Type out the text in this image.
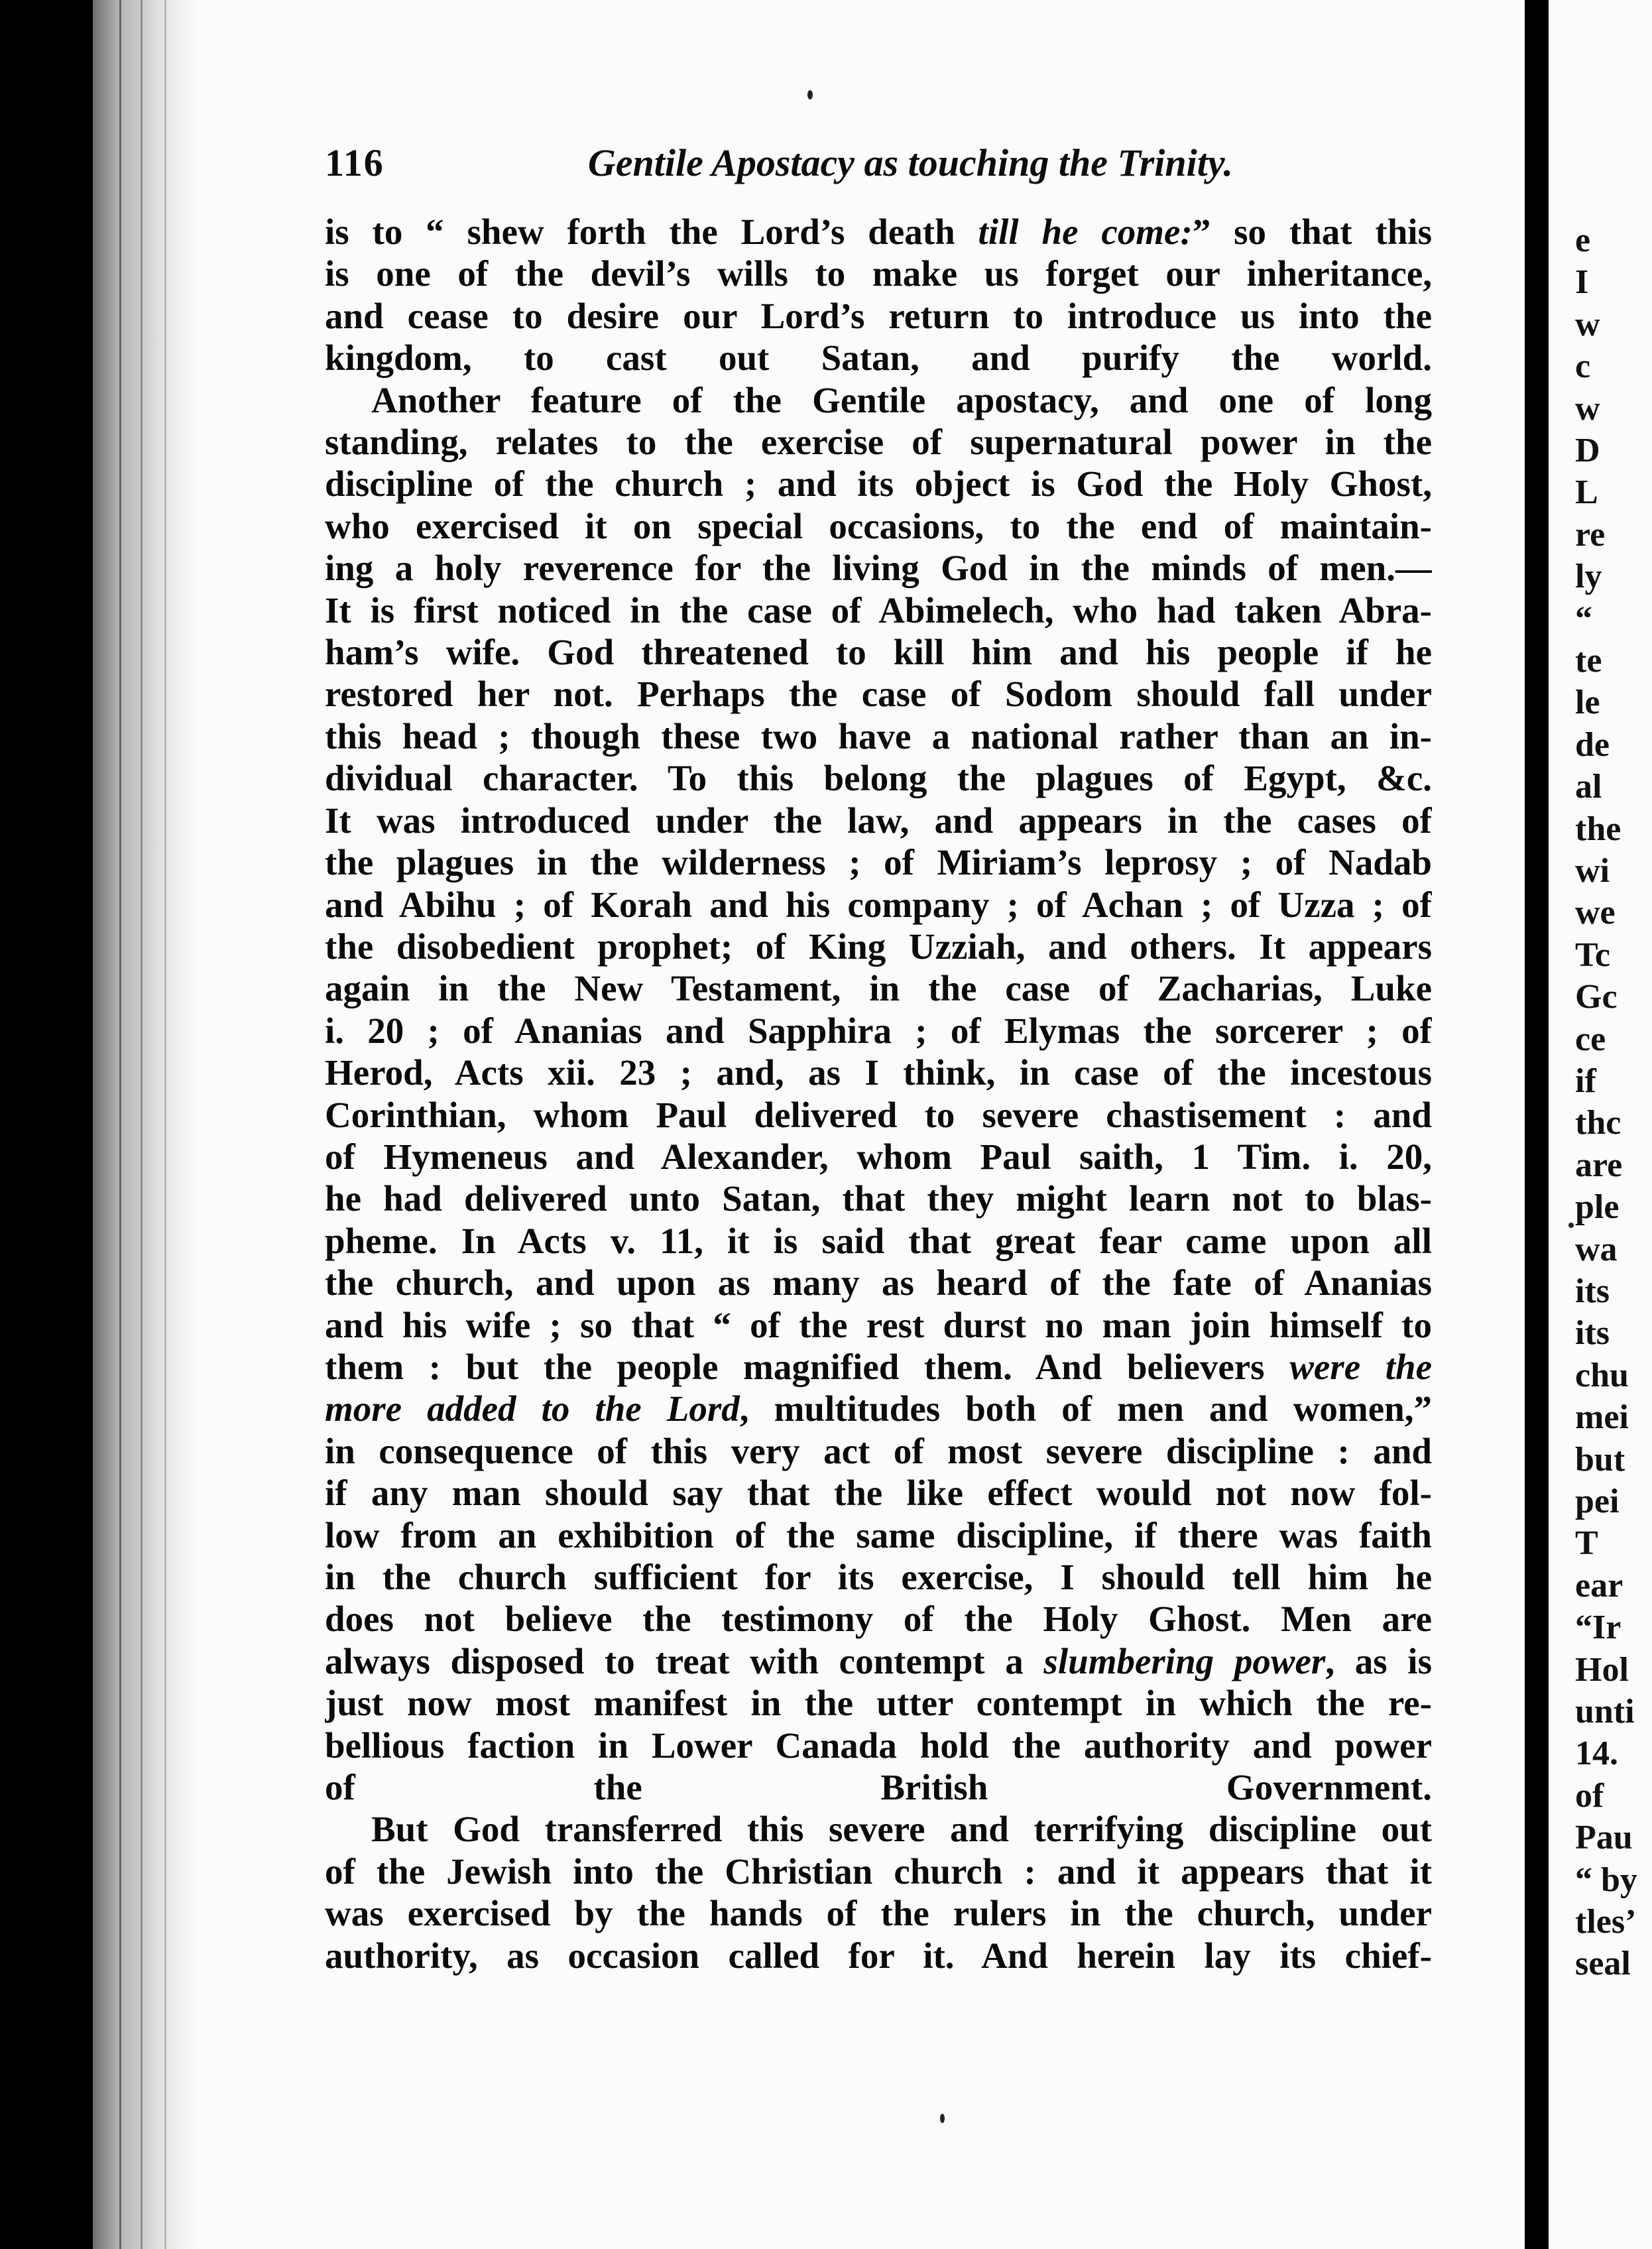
e
I
w
c
w
D
L
re
ly
“
te
le
de
al
the
wi
we
Tc
Gc
ce
if
thc
are
ple
wa
its
its
chu
mei
but
pei
T
ear
“Ir
Hol
unti
14.
of
Pau
“ by
tles’
seal
116	Gentile Apostacy as touching the Trinity.

is to “ shew forth the Lord’s death till he come:” so that this
is one of the devil’s wills to make us forget our inheritance,
and cease to desire our Lord’s return to introduce us into the
kingdom, to cast out Satan, and purify the world.
Another feature of the Gentile apostacy, and one of long
standing, relates to the exercise of supernatural power in the
discipline of the church ; and its object is God the Holy Ghost,
who exercised it on special occasions, to the end of maintain-
ing a holy reverence for the living God in the minds of men.—
It is first noticed in the case of Abimelech, who had taken Abra-
ham’s wife. God threatened to kill him and his people if he
restored her not. Perhaps the case of Sodom should fall under
this head ; though these two have a national rather than an in-
dividual character. To this belong the plagues of Egypt, &c.
It was introduced under the law, and appears in the cases of
the plagues in the wilderness ; of Miriam’s leprosy ; of Nadab
and Abihu ; of Korah and his company ; of Achan ; of Uzza ; of
the disobedient prophet; of King Uzziah, and others. It appears
again in the New Testament, in the case of Zacharias, Luke
i. 20 ; of Ananias and Sapphira ; of Elymas the sorcerer ; of
Herod, Acts xii. 23 ; and, as I think, in case of the incestous
Corinthian, whom Paul delivered to severe chastisement : and
of Hymeneus and Alexander, whom Paul saith, 1 Tim. i. 20,
he had delivered unto Satan, that they might learn not to blas-
pheme. In Acts v. 11, it is said that great fear came upon all
the church, and upon as many as heard of the fate of Ananias
and his wife ; so that “ of the rest durst no man join himself to
them : but the people magnified them. And believers were the
more added to the Lord, multitudes both of men and women,”
in consequence of this very act of most severe discipline : and
if any man should say that the like effect would not now fol-
low from an exhibition of the same discipline, if there was faith
in the church sufficient for its exercise, I should tell him he
does not believe the testimony of the Holy Ghost. Men are
always disposed to treat with contempt a slumbering power, as is
just now most manifest in the utter contempt in which the re-
bellious faction in Lower Canada hold the authority and power
of the British Government.
But God transferred this severe and terrifying discipline out
of the Jewish into the Christian church : and it appears that it
was exercised by the hands of the rulers in the church, under
authority, as occasion called for it. And herein lay its chief-
